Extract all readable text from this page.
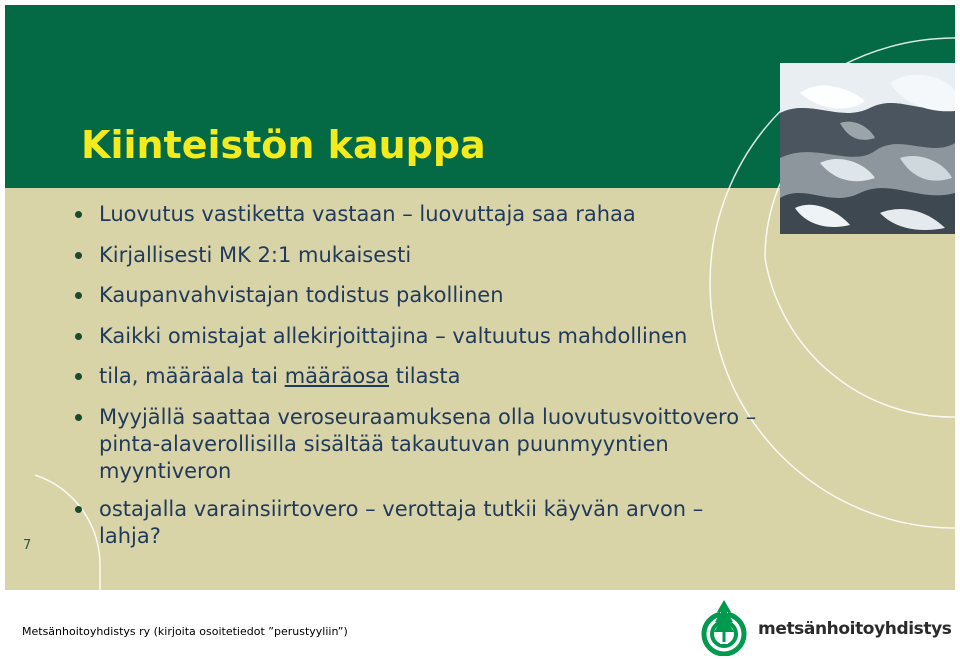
Kiinteistön kauppa
Luovutus vastiketta vastaan – luovuttaja saa rahaa
Kirjallisesti MK 2:1 mukaisesti
Kaupanvahvistajan todistus pakollinen
Kaikki omistajat allekirjoittajina – valtuutus mahdollinen
tila, määräala tai määräosa tilasta
Myyjällä saattaa veroseuraamuksena olla luovutusvoittovero –
pinta-alaverollisilla sisältää takautuvan puunmyyntien
myyntiveron
ostajalla varainsiirtovero – verottaja tutkii käyvän arvon –
lahja?
7
Metsänhoitoyhdistys ry (kirjoita osoitetiedot ”perustyyliin”)	metsänhoitoyhdistys
